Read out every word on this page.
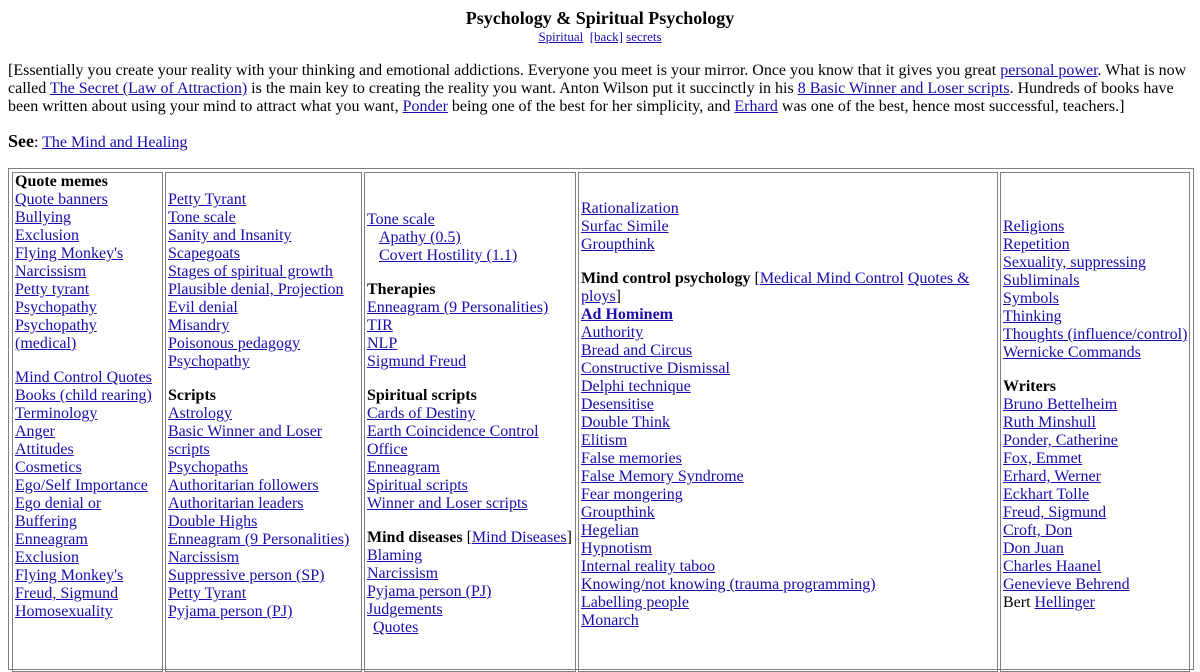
Psychology & Spiritual Psychology
Spiritual [back] secrets
[Essentially you create your reality with your thinking and emotional addictions. Everyone you meet is your mirror. Once you know that it gives you great personal power. What is now called The Secret (Law of Attraction) is the main key to creating the reality you want. Anton Wilson put it succinctly in his 8 Basic Winner and Loser scripts. Hundreds of books have been written about using your mind to attract what you want, Ponder being one of the best for her simplicity, and Erhard was one of the best, hence most successful, teachers.]
See: The Mind and Healing
Quote memes
Quote banners
Bullying
Exclusion
Flying Monkey's
Narcissism
Petty tyrant
Psychopathy
Psychopathy (medical)
Mind Control Quotes
Books (child rearing)
Terminology
Anger
Attitudes
Cosmetics
Ego/Self Importance
Ego denial or Buffering
Enneagram
Exclusion
Flying Monkey's
Freud, Sigmund
Homosexuality
Petty Tyrant
Tone scale
Sanity and Insanity
Scapegoats
Stages of spiritual growth
Plausible denial, Projection
Evil denial
Misandry
Poisonous pedagogy
Psychopathy
Scripts
Astrology
Basic Winner and Loser scripts
Psychopaths
Authoritarian followers
Authoritarian leaders
Double Highs
Enneagram (9 Personalities)
Narcissism
Suppressive person (SP)
Petty Tyrant
Pyjama person (PJ)
Tone scale
Apathy (0.5)
Covert Hostility (1.1)
Therapies
Enneagram (9 Personalities)
TIR
NLP
Sigmund Freud
Spiritual scripts
Cards of Destiny
Earth Coincidence Control Office
Enneagram
Spiritual scripts
Winner and Loser scripts
Mind diseases [Mind Diseases]
Blaming
Narcissism
Pyjama person (PJ)
Judgements
Quotes
Rationalization
Surfac Simile
Groupthink
Mind control psychology [Medical Mind Control Quotes & ploys]
Ad Hominem
Authority
Bread and Circus
Constructive Dismissal
Delphi technique
Desensitise
Double Think
Elitism
False memories
False Memory Syndrome
Fear mongering
Groupthink
Hegelian
Hypnotism
Internal reality taboo
Knowing/not knowing (trauma programming)
Labelling people
Monarch
Religions
Repetition
Sexuality, suppressing
Subliminals
Symbols
Thinking
Thoughts (influence/control)
Wernicke Commands
Writers
Bruno Bettelheim
Ruth Minshull
Ponder, Catherine
Fox, Emmet
Erhard, Werner
Eckhart Tolle
Freud, Sigmund
Croft, Don
Don Juan
Charles Haanel
Genevieve Behrend
Bert Hellinger
